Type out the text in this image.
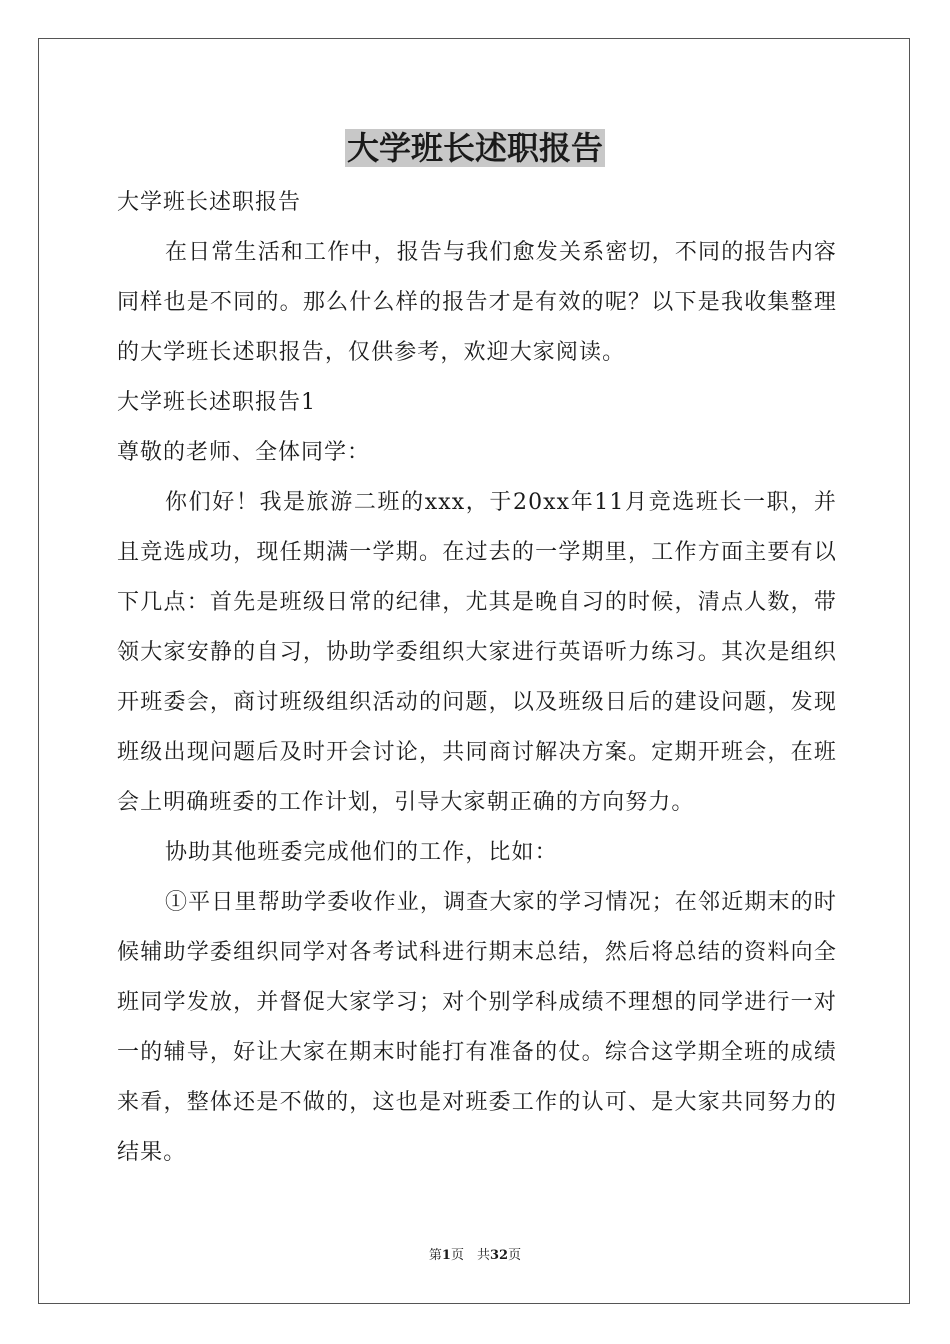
大学班长述职报告

大学班长述职报告

在日常生活和工作中，报告与我们愈发关系密切，不同的报告内容同样也是不同的。那么什么样的报告才是有效的呢？以下是我收集整理的大学班长述职报告，仅供参考，欢迎大家阅读。

大学班长述职报告1

尊敬的老师、全体同学：

你们好！我是旅游二班的xxx，于20xx年11月竞选班长一职，并且竞选成功，现任期满一学期。在过去的一学期里，工作方面主要有以下几点：首先是班级日常的纪律，尤其是晚自习的时候，清点人数，带领大家安静的自习，协助学委组织大家进行英语听力练习。其次是组织开班委会，商讨班级组织活动的问题，以及班级日后的建设问题，发现班级出现问题后及时开会讨论，共同商讨解决方案。定期开班会，在班会上明确班委的工作计划，引导大家朝正确的方向努力。

协助其他班委完成他们的工作，比如：

①平日里帮助学委收作业，调查大家的学习情况；在邻近期末的时候辅助学委组织同学对各考试科进行期末总结，然后将总结的资料向全班同学发放，并督促大家学习；对个别学科成绩不理想的同学进行一对一的辅导，好让大家在期末时能打有准备的仗。综合这学期全班的成绩来看，整体还是不做的，这也是对班委工作的认可、是大家共同努力的结果。

第1页　共32页
